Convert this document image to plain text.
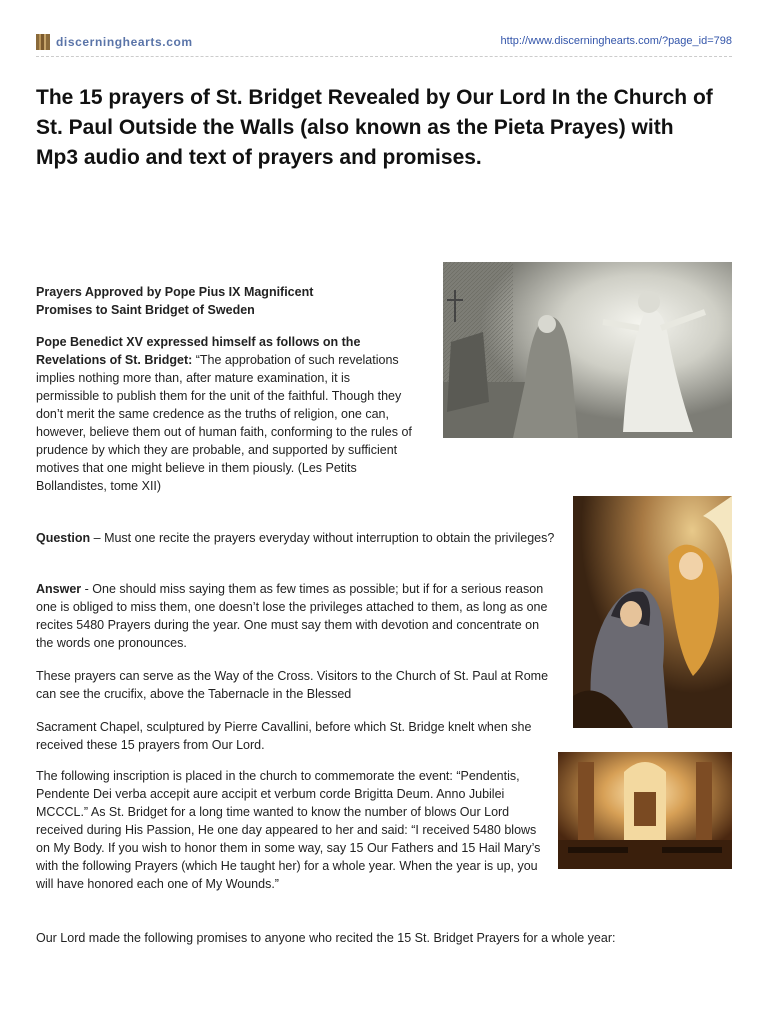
discerninghearts.com	http://www.discerninghearts.com/?page_id=798
The 15 prayers of St. Bridget Revealed by Our Lord In the Church of St. Paul Outside the Walls (also known as the Pieta Prayes) with Mp3 audio and text of prayers and promises.
Prayers Approved by Pope Pius IX Magnificent
Promises to Saint Bridget of Sweden

Pope Benedict XV expressed himself as follows on the Revelations of St. Bridget: “The approbation of such revelations implies nothing more than, after mature examination, it is permissible to publish them for the unit of the faithful. Though they don’t merit the same credence as the truths of religion, one can, however, believe them out of human faith, conforming to the rules of prudence by which they are probable, and supported by sufficient motives that one might believe in them piously. (Les Petits Bollandistes, tome XII)

Question – Must one recite the prayers everyday without interruption to obtain the privileges?

Answer - One should miss saying them as few times as possible; but if for a serious reason one is obliged to miss them, one doesn’t lose the privileges attached to them, as long as one recites 5480 Prayers during the year. One must say them with devotion and concentrate on the words one pronounces.

These prayers can serve as the Way of the Cross. Visitors to the Church of St. Paul at Rome can see the crucifix, above the Tabernacle in the Blessed

Sacrament Chapel, sculptured by Pierre Cavallini, before which St. Bridge knelt when she received these 15 prayers from Our Lord.

The following inscription is placed in the church to commemorate the event: “Pendentis, Pendente Dei verba accepit aure accipit et verbum corde Brigitta Deum. Anno Jubilei MCCCL.” As St. Bridget for a long time wanted to know the number of blows Our Lord received during His Passion, He one day appeared to her and said: “I received 5480 blows on My Body. If you wish to honor them in some way, say 15 Our Fathers and 15 Hail Mary’s with the following Prayers (which He taught her) for a whole year. When the year is up, you will have honored each one of My Wounds.”

Our Lord made the following promises to anyone who recited the 15 St. Bridget Prayers for a whole year:
